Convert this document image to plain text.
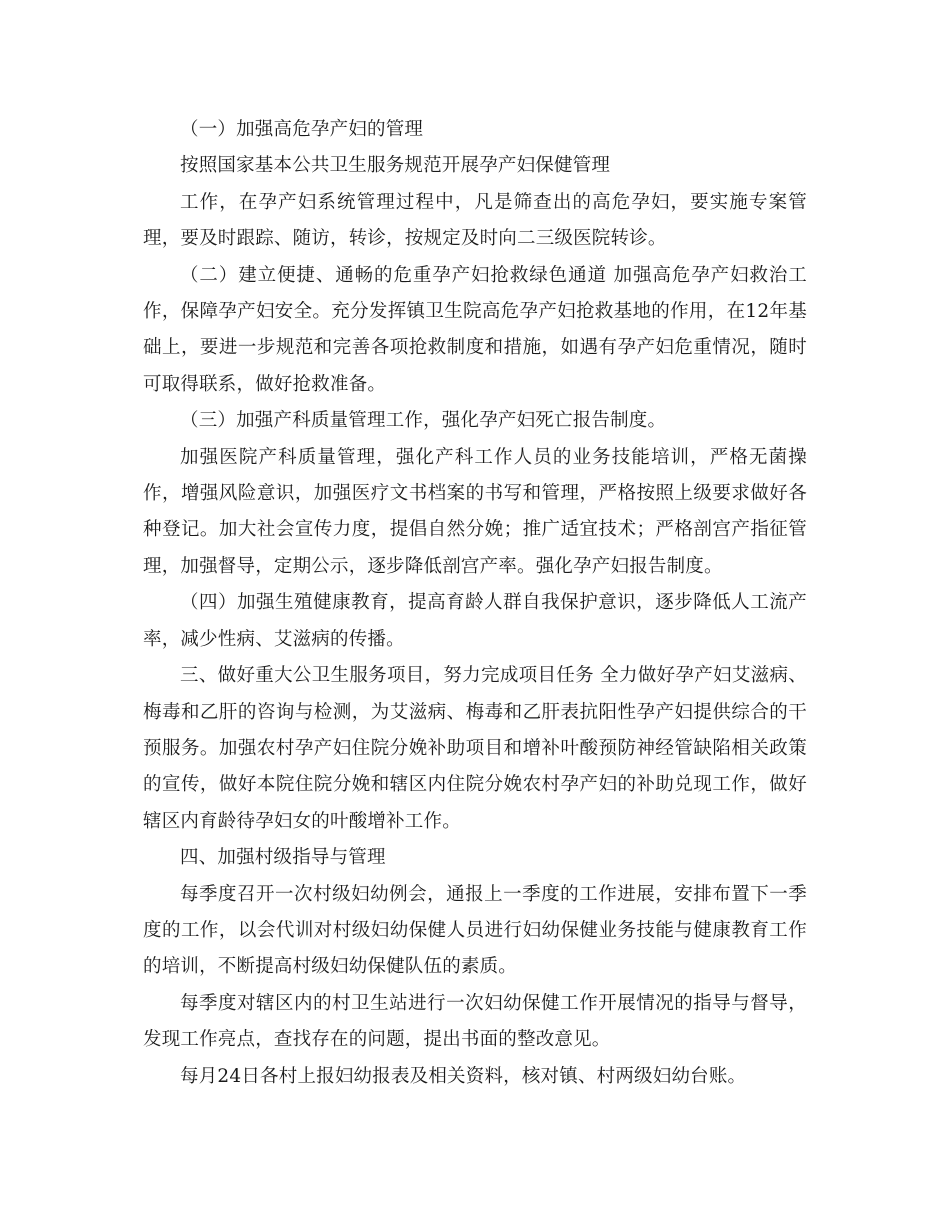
（一）加强高危孕产妇的管理

按照国家基本公共卫生服务规范开展孕产妇保健管理

工作，在孕产妇系统管理过程中，凡是筛查出的高危孕妇，要实施专案管理，要及时跟踪、随访，转诊，按规定及时向二三级医院转诊。

（二）建立便捷、通畅的危重孕产妇抢救绿色通道 加强高危孕产妇救治工作，保障孕产妇安全。充分发挥镇卫生院高危孕产妇抢救基地的作用，在12年基础上，要进一步规范和完善各项抢救制度和措施，如遇有孕产妇危重情况，随时可取得联系，做好抢救准备。

（三）加强产科质量管理工作，强化孕产妇死亡报告制度。

加强医院产科质量管理，强化产科工作人员的业务技能培训，严格无菌操作，增强风险意识，加强医疗文书档案的书写和管理，严格按照上级要求做好各种登记。加大社会宣传力度，提倡自然分娩；推广适宜技术；严格剖宫产指征管理，加强督导，定期公示，逐步降低剖宫产率。强化孕产妇报告制度。

（四）加强生殖健康教育，提高育龄人群自我保护意识，逐步降低人工流产率，减少性病、艾滋病的传播。

三、做好重大公卫生服务项目，努力完成项目任务 全力做好孕产妇艾滋病、梅毒和乙肝的咨询与检测，为艾滋病、梅毒和乙肝表抗阳性孕产妇提供综合的干预服务。加强农村孕产妇住院分娩补助项目和增补叶酸预防神经管缺陷相关政策的宣传，做好本院住院分娩和辖区内住院分娩农村孕产妇的补助兑现工作，做好辖区内育龄待孕妇女的叶酸增补工作。

四、加强村级指导与管理

每季度召开一次村级妇幼例会，通报上一季度的工作进展，安排布置下一季度的工作，以会代训对村级妇幼保健人员进行妇幼保健业务技能与健康教育工作的培训，不断提高村级妇幼保健队伍的素质。

每季度对辖区内的村卫生站进行一次妇幼保健工作开展情况的指导与督导，发现工作亮点，查找存在的问题，提出书面的整改意见。

每月24日各村上报妇幼报表及相关资料，核对镇、村两级妇幼台账。
